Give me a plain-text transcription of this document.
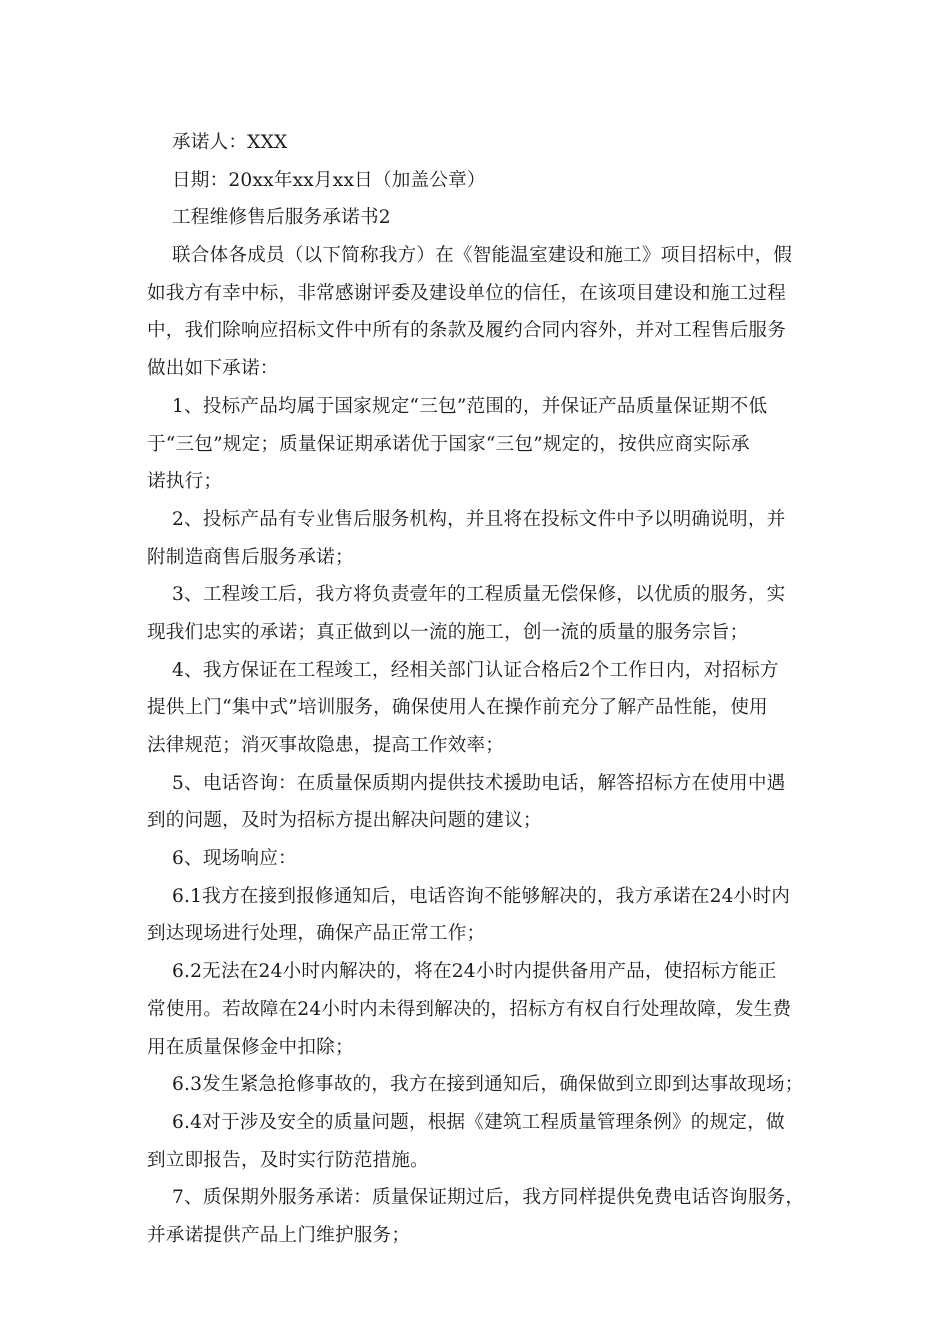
承诺人：XXX
日期：20xx年xx月xx日（加盖公章）
工程维修售后服务承诺书2
联合体各成员（以下简称我方）在《智能温室建设和施工》项目招标中，假
如我方有幸中标，非常感谢评委及建设单位的信任，在该项目建设和施工过程
中，我们除响应招标文件中所有的条款及履约合同内容外，并对工程售后服务
做出如下承诺：
1、投标产品均属于国家规定“三包”范围的，并保证产品质量保证期不低
于“三包”规定；质量保证期承诺优于国家“三包”规定的，按供应商实际承
诺执行；
2、投标产品有专业售后服务机构，并且将在投标文件中予以明确说明，并
附制造商售后服务承诺；
3、工程竣工后，我方将负责壹年的工程质量无偿保修，以优质的服务，实
现我们忠实的承诺；真正做到以一流的施工，创一流的质量的服务宗旨；
4、我方保证在工程竣工，经相关部门认证合格后2个工作日内，对招标方
提供上门“集中式”培训服务，确保使用人在操作前充分了解产品性能，使用
法律规范；消灭事故隐患，提高工作效率；
5、电话咨询：在质量保质期内提供技术援助电话，解答招标方在使用中遇
到的问题，及时为招标方提出解决问题的建议；
6、现场响应：
6.1我方在接到报修通知后，电话咨询不能够解决的，我方承诺在24小时内
到达现场进行处理，确保产品正常工作；
6.2无法在24小时内解决的，将在24小时内提供备用产品，使招标方能正
常使用。若故障在24小时内未得到解决的，招标方有权自行处理故障，发生费
用在质量保修金中扣除；
6.3发生紧急抢修事故的，我方在接到通知后，确保做到立即到达事故现场；
6.4对于涉及安全的质量问题，根据《建筑工程质量管理条例》的规定，做
到立即报告，及时实行防范措施。
7、质保期外服务承诺：质量保证期过后，我方同样提供免费电话咨询服务，
并承诺提供产品上门维护服务；
